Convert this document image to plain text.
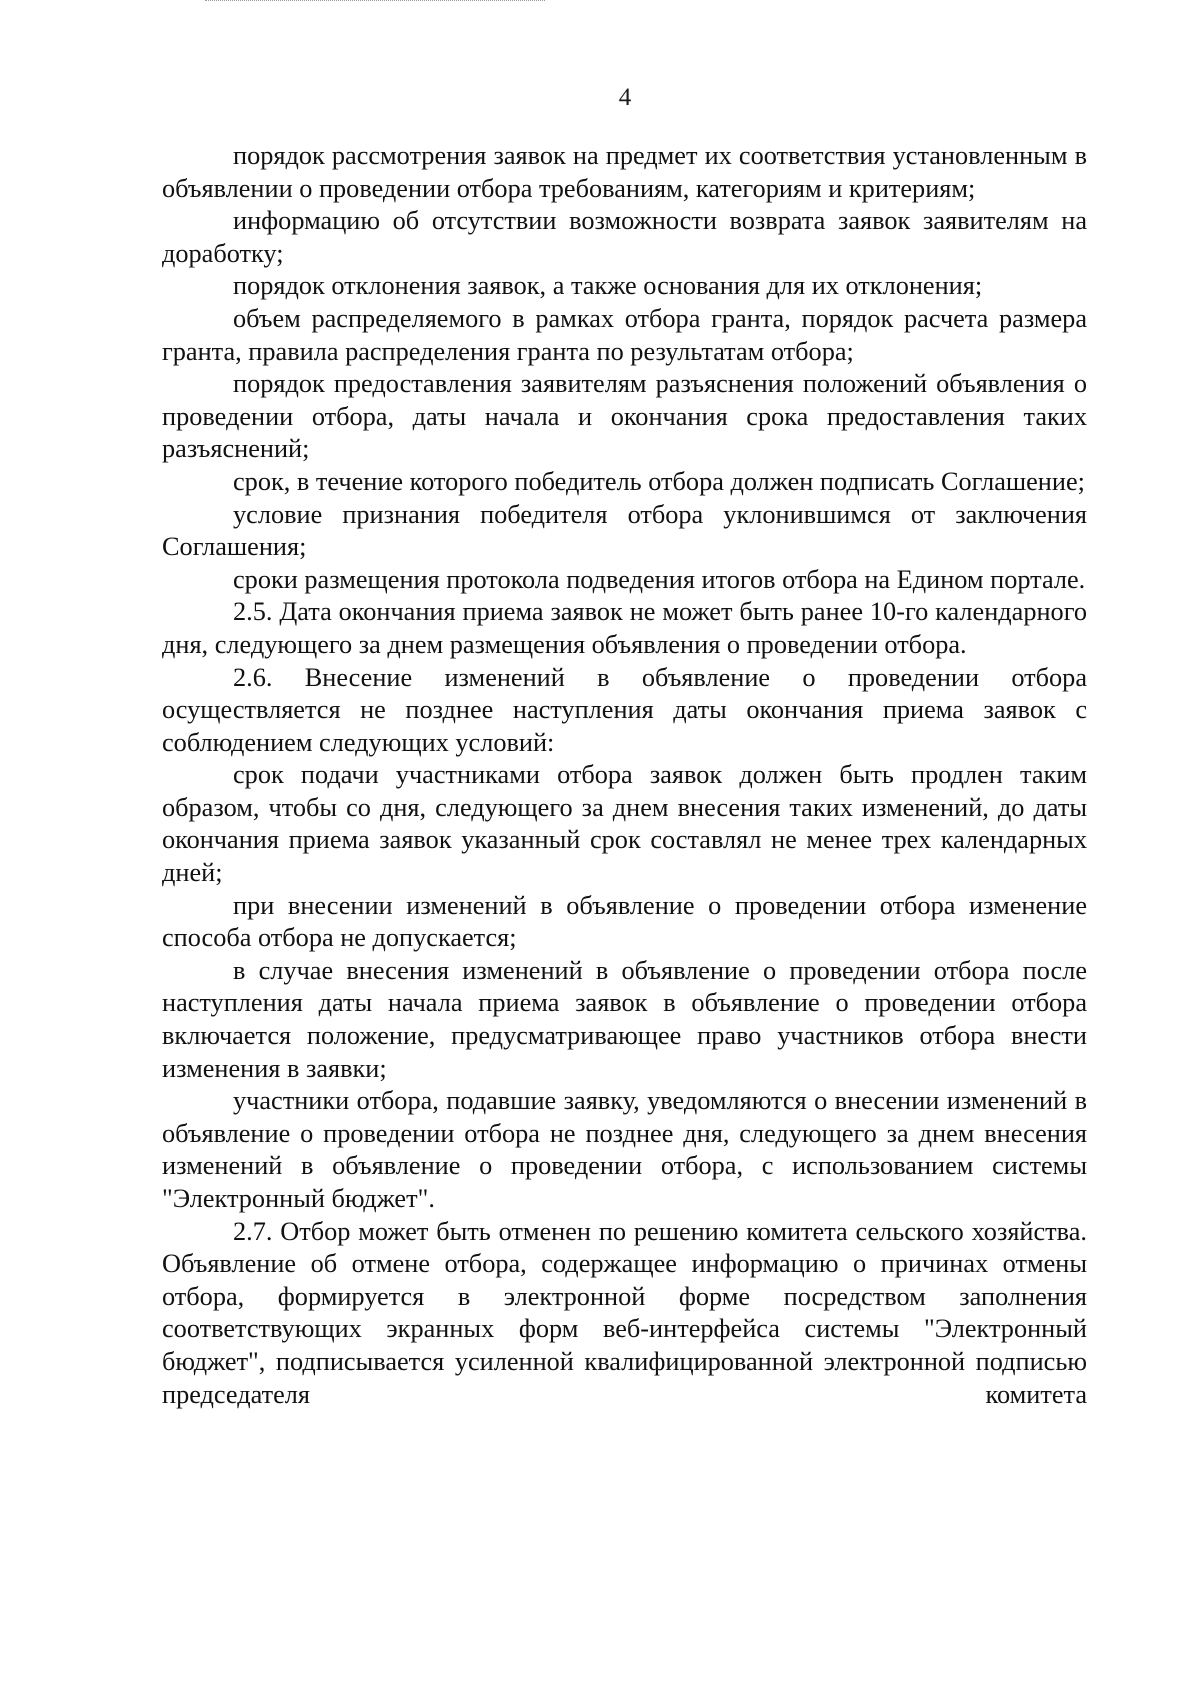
4

порядок рассмотрения заявок на предмет их соответствия установленным в объявлении о проведении отбора требованиям, категориям и критериям;

информацию об отсутствии возможности возврата заявок заявителям на доработку;

порядок отклонения заявок, а также основания для их отклонения;

объем распределяемого в рамках отбора гранта, порядок расчета размера гранта, правила распределения гранта по результатам отбора;

порядок предоставления заявителям разъяснения положений объявления о проведении отбора, даты начала и окончания срока предоставления таких разъяснений;

срок, в течение которого победитель отбора должен подписать Соглашение;

условие признания победителя отбора уклонившимся от заключения Соглашения;

сроки размещения протокола подведения итогов отбора на Едином портале.

2.5. Дата окончания приема заявок не может быть ранее 10-го календарного дня, следующего за днем размещения объявления о проведении отбора.

2.6. Внесение изменений в объявление о проведении отбора осуществляется не позднее наступления даты окончания приема заявок с соблюдением следующих условий:

срок подачи участниками отбора заявок должен быть продлен таким образом, чтобы со дня, следующего за днем внесения таких изменений, до даты окончания приема заявок указанный срок составлял не менее трех календарных дней;

при внесении изменений в объявление о проведении отбора изменение способа отбора не допускается;

в случае внесения изменений в объявление о проведении отбора после наступления даты начала приема заявок в объявление о проведении отбора включается положение, предусматривающее право участников отбора внести изменения в заявки;

участники отбора, подавшие заявку, уведомляются о внесении изменений в объявление о проведении отбора не позднее дня, следующего за днем внесения изменений в объявление о проведении отбора, с использованием системы "Электронный бюджет".

2.7. Отбор может быть отменен по решению комитета сельского хозяйства. Объявление об отмене отбора, содержащее информацию о причинах отмены отбора, формируется в электронной форме посредством заполнения соответствующих экранных форм веб-интерфейса системы "Электронный бюджет", подписывается усиленной квалифицированной электронной подписью председателя комитета
